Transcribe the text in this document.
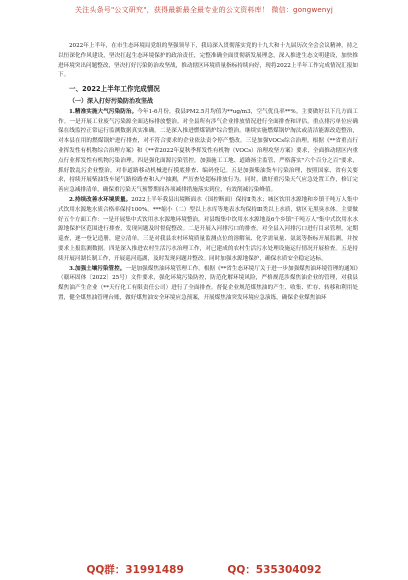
关注头条号"公文研究"，获得最新最全最专业的公文资料库！ 微信：gongwenyj

2022年上半年，在市生态环境局党组的坚强领导下，我局深入贯彻落实党的十九大和十九届历次全会会议精神，持之以恒深化作风建设，坚决扛起生态环境保护的政治责任，完整准确全面贯彻新发展理念，深入推进生态文明建设，加快推进环境突出问题整改，坚决打好污染防治攻坚战，推动辖区环境质量指标持续向好，现将2022上半年工作完成情况汇报如下。

一、2022上半年工作完成情况
（一）深入打好污染防治攻坚战

1.精准实施大气污染防治。今年1-6月份，我县PM2.5月均值为**ug/m3，空气优良率**%。主要做好以下几方面工作。一是开展工业废气污染源全面达标排放整治。对全县所有涉气企业排放情况进行全面排查和评估，重点排污单位应确保在线监控正常运行监测数据真实准确。二是深入推进燃煤锅炉综合整治。继续实施燃煤锅炉淘汰或清洁能源改造整治，对本县在用的燃煤锅炉进行排查，对不符合要求的企业依法责令停产整改。三是加强VOCs综合治理。根据《**省重点行业挥发性有机物综合治理方案》和《**省2022年夏秋季挥发性有机物（VOCs）治理攻坚方案》要求，全面推动辖区内重点行业挥发性有机物污染治理。四是强化面源污染管控。加强施工工地、道路扬尘监管，严格落实"六个百分之百"要求，抓好散乱污企业整治，对非道路移动机械进行摸底排查、编码登记。五是加强柴油货车污染治理，按照国家、省有关要求，持续开展柴油货车尾气路检路查和入户抽测，严厉查处超标排放行为。同时，做好重污染天气应急处置工作，修订完善应急减排清单，确保重污染天气预警期间各项减排措施落实到位，有效削减污染峰值。

2.持续改善水环境质量。2022上半年我县出境断面水（国控断面）保持Ⅱ类水；城区饮用水源地和乡镇千吨万人集中式饮用水源地水质合格率保持100%。***缩小（二）型以上水库等地表水均保持Ⅲ类以上水质，辖区无黑臭水体。主要做好五个方面工作：一是开展集中式饮用水水源地环境整治，对县级集中饮用水水源地及6个乡镇"千吨万人"集中式饮用水水源地保护区范围进行排查，发现问题及时督促整改。二是开展入河排污口的排查。对全县入河排污口进行目录管理，定期巡查，逐一登记造册，建立清单。三是对我县农村环境质量监测点位的溶解氧、化学需氧量、氨氮等指标开展监测，并按要求上报监测数据。四是深入推进农村生活污水治理工作，对已建成的农村生活污水处理设施运行情况开展检查。五是持续开展河湖长制工作，开展巡河巡湖，及时发现问题并整改。同时加强水源地保护，确保水质安全稳定达标。

3.加强土壤污染管控。一是加强煤焦油环境管理工作。根据《**省生态环境厅关于进一步加强煤焦油环境管理的通知》（赣环固体〔2022〕25号）文件要求，强化环境污染防控，防范化解环境风险，严格规范涉煤焦油企业的管理，对我县煤焦油产生企业（**天行化工有限责任公司）进行了全面排查。督促企业规范煤焦油的产生、收集、贮存、转移和利用处置，健全煤焦油管理台账，做好煤焦油安全环境应急预案，开展煤焦油突发环境应急演练，确保企业煤焦油环

QQ群：31991489	QQ：535304092
